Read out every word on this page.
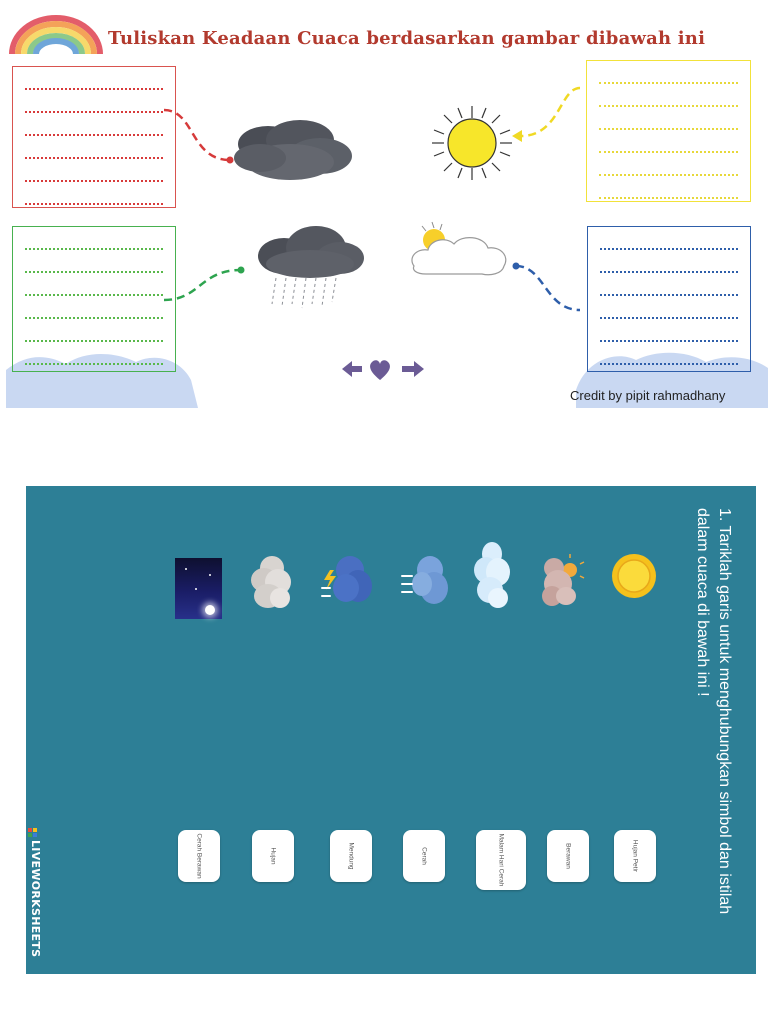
Tuliskan Keadaan Cuaca berdasarkan gambar dibawah ini
Credit by pipit rahmadhany
1. Tariklah garis untuk menghubungkan simbol dan istilah dalam cuaca di bawah ini !
Cerah Berawan	Hujan	Mendung	Cerah	Malam Hari Cerah	Berawan	Hujan Petir
LIVEWORKSHEETS
